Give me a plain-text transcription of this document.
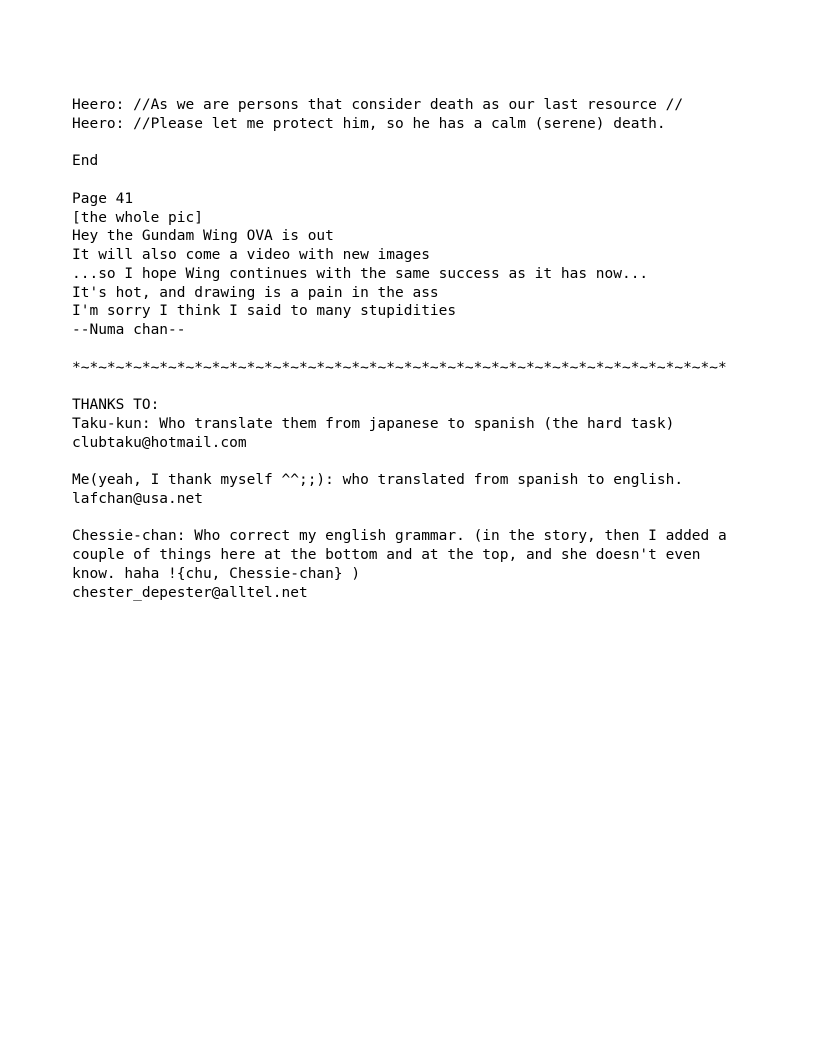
Heero: //As we are persons that consider death as our last resource //
Heero: //Please let me protect him, so he has a calm (serene) death.
End
Page 41
[the whole pic]
Hey the Gundam Wing OVA is out
It will also come a video with new images
...so I hope Wing continues with the same success as it has now...
It's hot, and drawing is a pain in the ass
I'm sorry I think I said to many stupidities
--Numa chan--
*~*~*~*~*~*~*~*~*~*~*~*~*~*~*~*~*~*~*~*~*~*~*~*~*~*~*~*~*~*~*~*~*~*~*~*~*~*
THANKS TO:
Taku-kun: Who translate them from japanese to spanish (the hard task)
clubtaku@hotmail.com
Me(yeah, I thank myself ^^;;): who translated from spanish to english.
lafchan@usa.net
Chessie-chan: Who correct my english grammar. (in the story, then I added a
couple of things here at the bottom and at the top, and she doesn't even
know. haha !{chu, Chessie-chan} )
chester_depester@alltel.net
